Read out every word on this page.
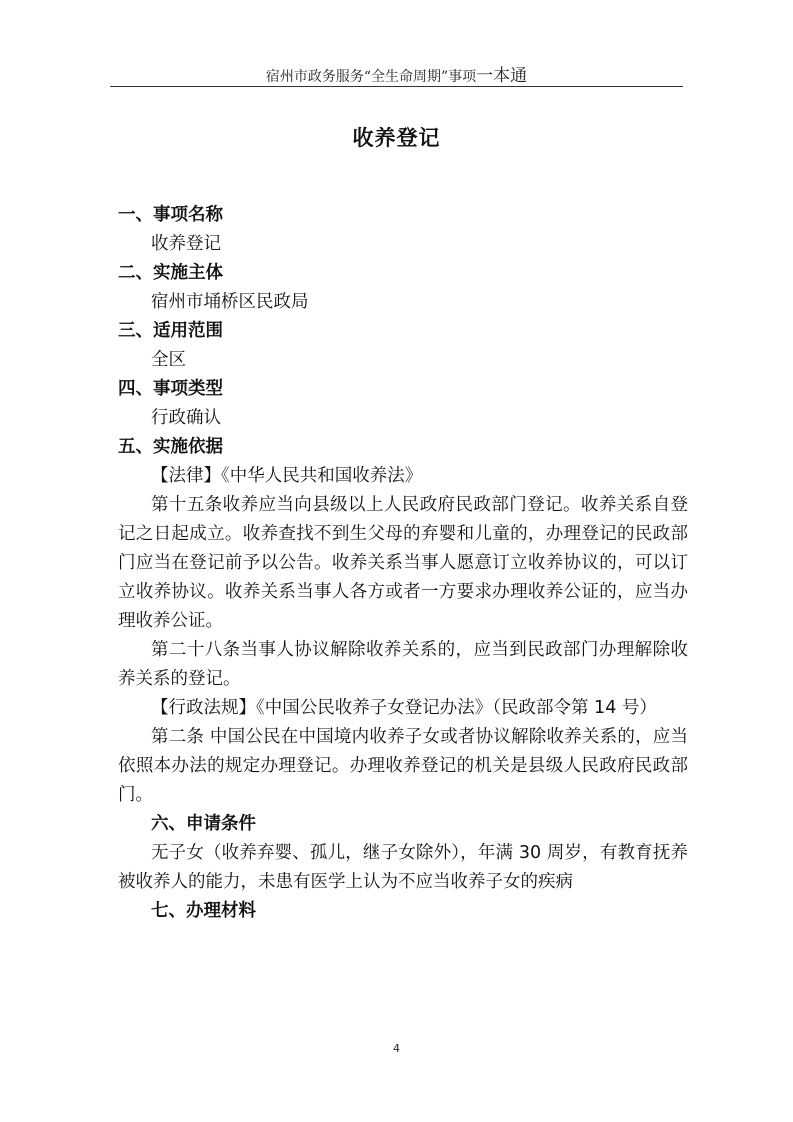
宿州市政务服务“全生命周期”事项一本通
收养登记
一、事项名称
收养登记
二、实施主体
宿州市埇桥区民政局
三、适用范围
全区
四、事项类型
行政确认
五、实施依据
【法律】《中华人民共和国收养法》
第十五条收养应当向县级以上人民政府民政部门登记。收养关系自登记之日起成立。收养查找不到生父母的弃婴和儿童的，办理登记的民政部门应当在登记前予以公告。收养关系当事人愿意订立收养协议的，可以订立收养协议。收养关系当事人各方或者一方要求办理收养公证的，应当办理收养公证。
第二十八条当事人协议解除收养关系的，应当到民政部门办理解除收养关系的登记。
【行政法规】《中国公民收养子女登记办法》（民政部令第 14 号）
第二条 中国公民在中国境内收养子女或者协议解除收养关系的，应当依照本办法的规定办理登记。办理收养登记的机关是县级人民政府民政部门。
六、申请条件
无子女（收养弃婴、孤儿，继子女除外），年满 30 周岁，有教育抚养被收养人的能力，未患有医学上认为不应当收养子女的疾病
七、办理材料
4
